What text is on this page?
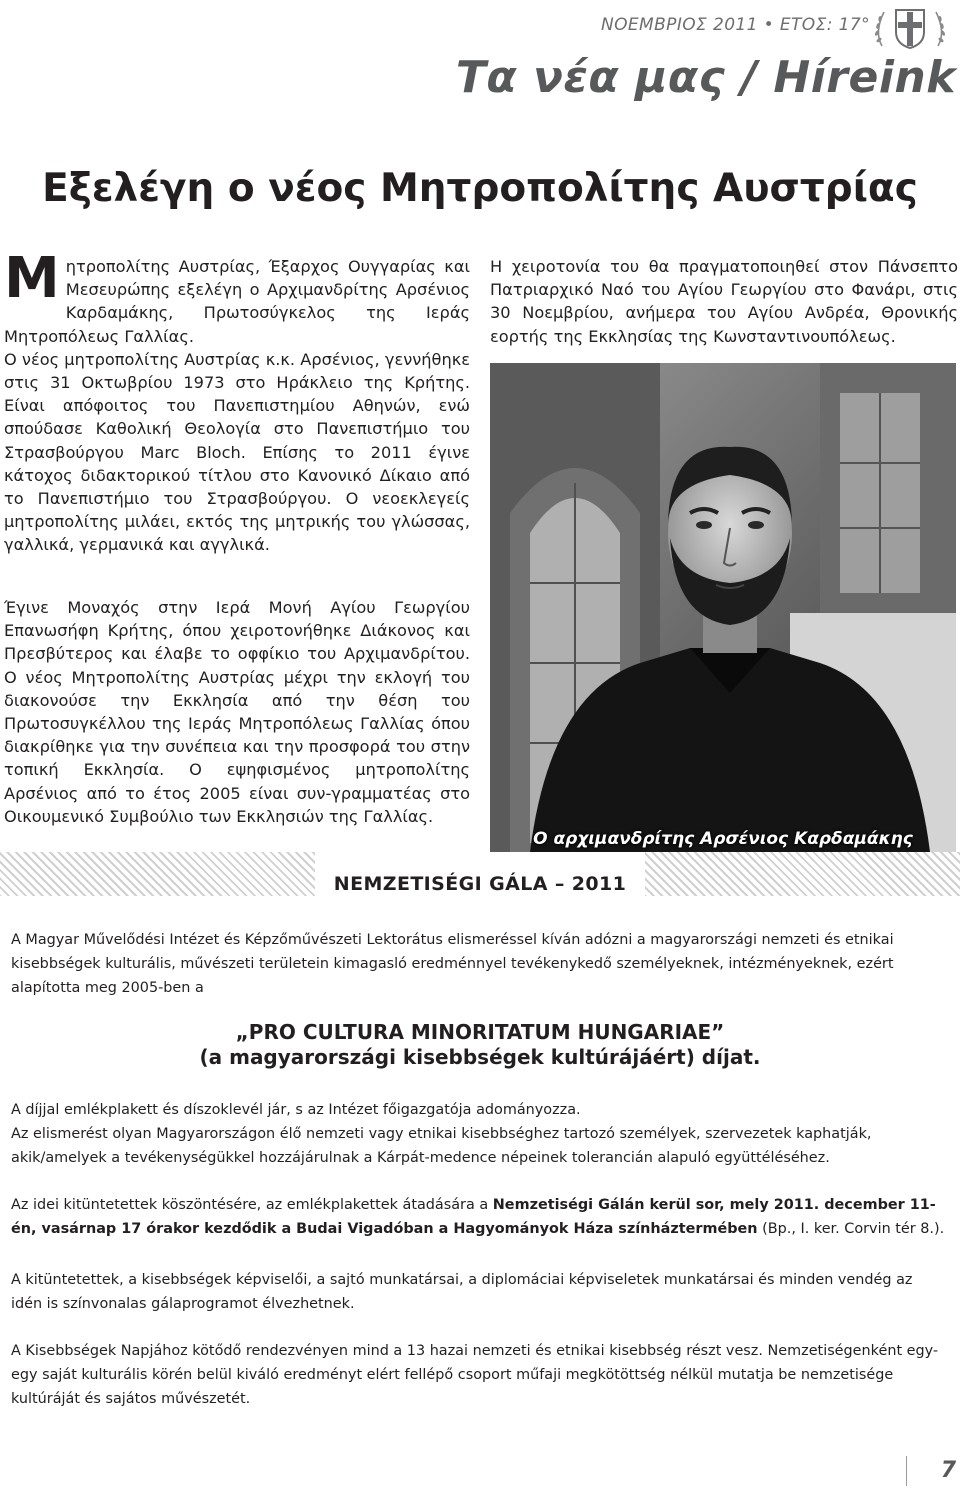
ΝΟΕΜΒΡΙΟΣ 2011 • ΕΤΟΣ: 17°
Τα νέα μας / Híreink
Εξελέγη ο νέος Μητροπολίτης Αυστρίας

Μητροπολίτης Αυστρίας, Έξαρχος Ουγγαρίας και Μεσευρώπης εξελέγη ο Αρχιμανδρίτης Αρσένιος Καρδαμάκης, Πρωτοσύγκελος της Ιεράς Μητροπόλεως Γαλλίας.

Ο νέος μητροπολίτης Αυστρίας κ.κ. Αρσένιος, γεννήθηκε στις 31 Οκτωβρίου 1973 στο Ηράκλειο της Κρήτης. Είναι απόφοιτος του Πανεπιστημίου Αθηνών, ενώ σπούδασε Καθολική Θεολογία στο Πανεπιστήμιο του Στρασβούργου Marc Bloch. Επίσης το 2011 έγινε κάτοχος διδακτορικού τίτλου στο Κανονικό Δίκαιο από το Πανεπιστήμιο του Στρασβούργου. Ο νεοεκλεγείς μητροπολίτης μιλάει, εκτός της μητρικής του γλώσσας, γαλλικά, γερμανικά και αγγλικά.

Έγινε Μοναχός στην Ιερά Μονή Αγίου Γεωργίου Επανωσήφη Κρήτης, όπου χειροτονήθηκε Διάκονος και Πρεσβύτερος και έλαβε το οφφίκιο του Αρχιμανδρίτου. Ο νέος Μητροπολίτης Αυστρίας μέχρι την εκλογή του διακονούσε την Εκκλησία από την θέση του Πρωτοσυγκέλλου της Ιεράς Μητροπόλεως Γαλλίας όπου διακρίθηκε για την συνέπεια και την προσφορά του στην τοπική Εκκλησία. Ο εψηφισμένος μητροπολίτης Αρσένιος από το έτος 2005 είναι συν-γραμματέας στο Οικουμενικό Συμβούλιο των Εκκλησιών της Γαλλίας.

Η χειροτονία του θα πραγματοποιηθεί στον Πάνσεπτο Πατριαρχικό Ναό του Αγίου Γεωργίου στο Φανάρι, στις 30 Νοεμβρίου, ανήμερα του Αγίου Ανδρέα, Θρονικής εορτής της Εκκλησίας της Κωνσταντινουπόλεως.

Ο αρχιμανδρίτης Αρσένιος Καρδαμάκης
A Magyar Művelődési Intézet és Képzőművészeti Lektorátus elismeréssel kíván adózni a magyarországi nemzeti és etnikai kisebbségek kulturális, művészeti területein kimagasló eredménnyel tevékenykedő személyeknek, intézményeknek, ezért alapította meg 2005-ben a
„PRO CULTURA MINORITATUM HUNGARIAE”
(a magyarországi kisebbségek kultúrájáért) díjat.
A díjjal emlékplakett és díszoklevél jár, s az Intézet főigazgatója adományozza.
Az elismerést olyan Magyarországon élő nemzeti vagy etnikai kisebbséghez tartozó személyek, szervezetek kaphatják, akik/amelyek a tevékenységükkel hozzájárulnak a Kárpát-medence népeinek tolerancián alapuló együttéléséhez.
Az idei kitüntetettek köszöntésére, az emlékplakettek átadására a Nemzetiségi Gálán kerül sor, mely 2011. december 11-én, vasárnap 17 órakor kezdődik a Budai Vigadóban a Hagyományok Háza színháztermében (Bp., I. ker. Corvin tér 8.).
A kitüntetettek, a kisebbségek képviselői, a sajtó munkatársai, a diplomáciai képviseletek munkatársai és minden vendég az idén is színvonalas gálaprogramot élvezhetnek.
A Kisebbségek Napjához kötődő rendezvényen mind a 13 hazai nemzeti és etnikai kisebbség részt vesz. Nemzetiségenként egy-egy saját kulturális körén belül kiváló eredményt elért fellépő csoport műfaji megkötöttség nélkül mutatja be nemzetisége kultúráját és sajátos művészetét.
NEMZETISÉGI GÁLA – 2011
7
